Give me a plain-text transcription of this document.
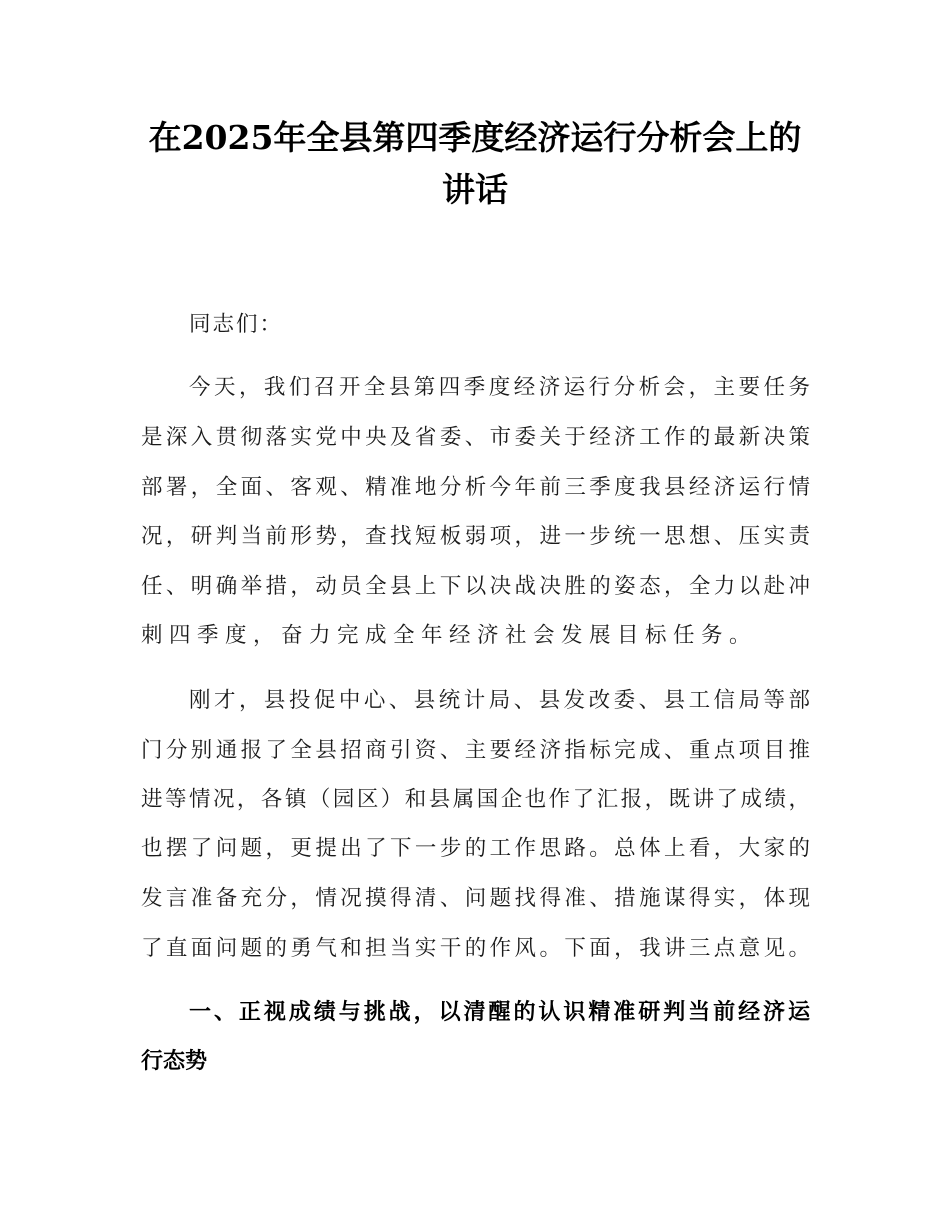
在2025年全县第四季度经济运行分析会上的
讲话
同志们：
今天，我们召开全县第四季度经济运行分析会，主要任务
是深入贯彻落实党中央及省委、市委关于经济工作的最新决策
部署，全面、客观、精准地分析今年前三季度我县经济运行情
况，研判当前形势，查找短板弱项，进一步统一思想、压实责
任、明确举措，动员全县上下以决战决胜的姿态，全力以赴冲
刺四季度，奋力完成全年经济社会发展目标任务。
刚才，县投促中心、县统计局、县发改委、县工信局等部
门分别通报了全县招商引资、主要经济指标完成、重点项目推
进等情况，各镇（园区）和县属国企也作了汇报，既讲了成绩，
也摆了问题，更提出了下一步的工作思路。总体上看，大家的
发言准备充分，情况摸得清、问题找得准、措施谋得实，体现
了直面问题的勇气和担当实干的作风。下面，我讲三点意见。
一、正视成绩与挑战，以清醒的认识精准研判当前经济运
行态势
